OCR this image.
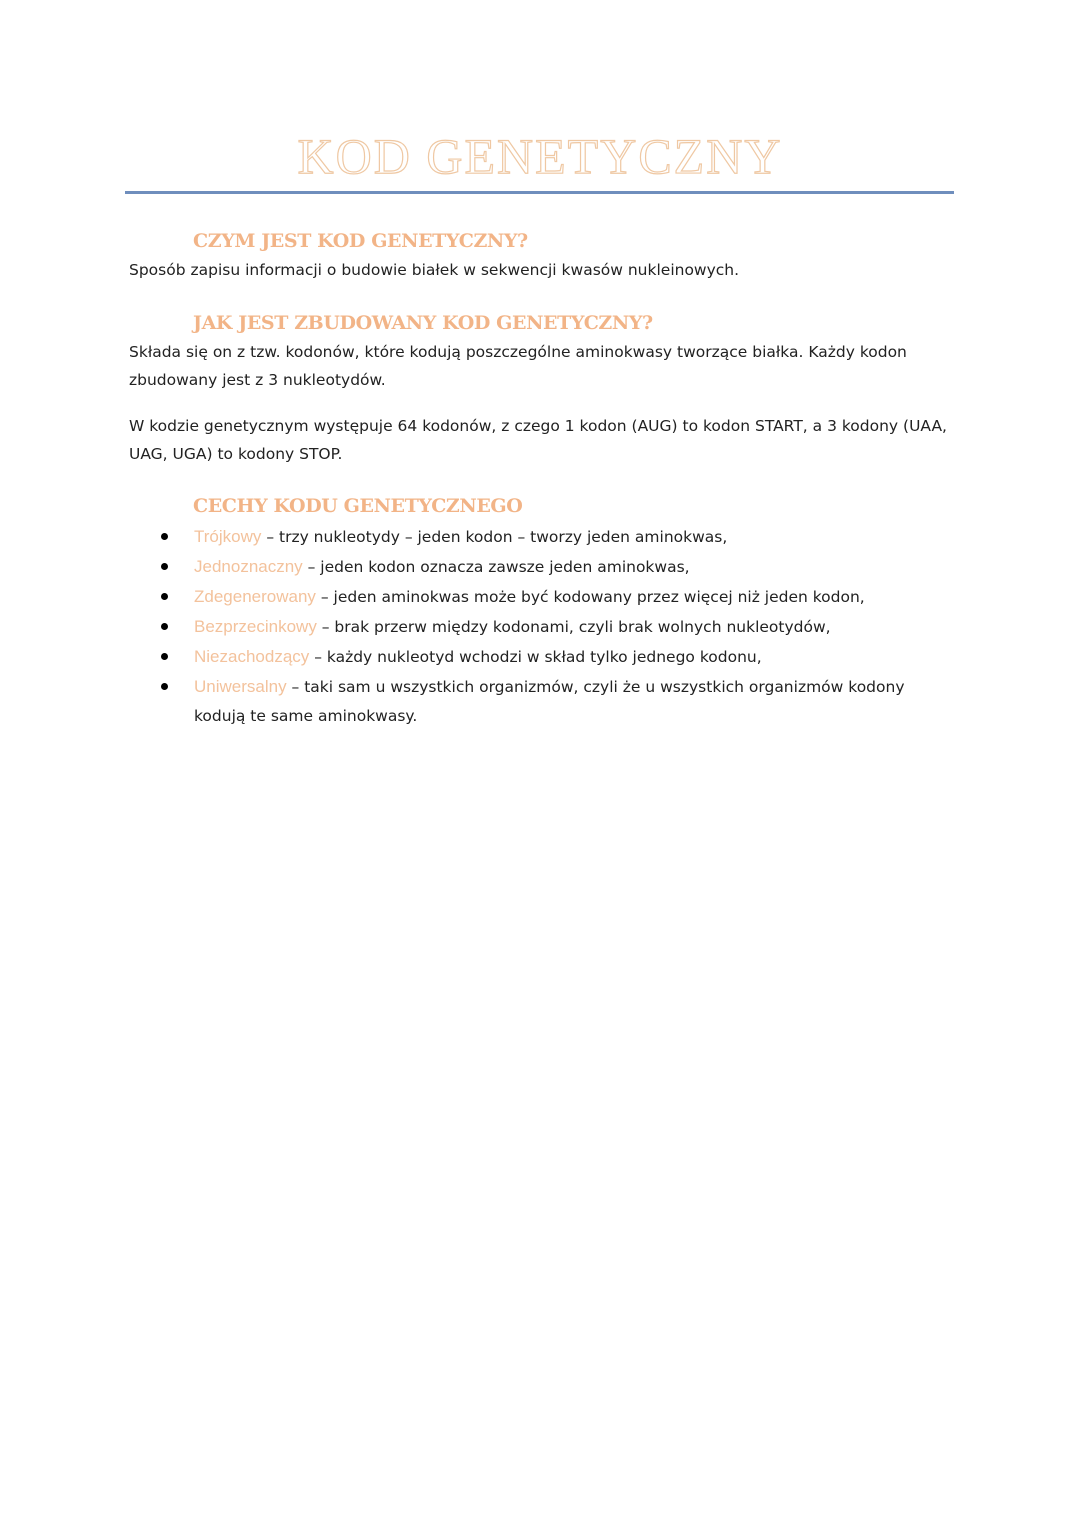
KOD GENETYCZNY
CZYM JEST KOD GENETYCZNY?
Sposób zapisu informacji o budowie białek w sekwencji kwasów nukleinowych.
JAK JEST ZBUDOWANY KOD GENETYCZNY?
Składa się on z tzw. kodonów, które kodują poszczególne aminokwasy tworzące białka. Każdy kodon zbudowany jest z 3 nukleotydów.
W kodzie genetycznym występuje 64 kodonów, z czego 1 kodon (AUG) to kodon START, a 3 kodony (UAA, UAG, UGA) to kodony STOP.
CECHY KODU GENETYCZNEGO
Trójkowy – trzy nukleotydy – jeden kodon – tworzy jeden aminokwas,
Jednoznaczny – jeden kodon oznacza zawsze jeden aminokwas,
Zdegenerowany – jeden aminokwas może być kodowany przez więcej niż jeden kodon,
Bezprzecinkowy – brak przerw między kodonami, czyli brak wolnych nukleotydów,
Niezachodzący – każdy nukleotyd wchodzi w skład tylko jednego kodonu,
Uniwersalny – taki sam u wszystkich organizmów, czyli że u wszystkich organizmów kodony kodują te same aminokwasy.
